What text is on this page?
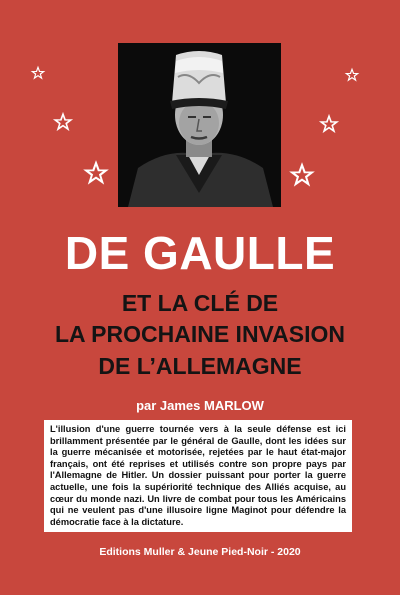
DE GAULLE
ET LA CLÉ DE
LA PROCHAINE INVASION
DE L’ALLEMAGNE
par James MARLOW
L'illusion d'une guerre tournée vers à la seule défense est ici brillamment présentée par le général de Gaulle, dont les idées sur la guerre mécanisée et motorisée, rejetées par le haut état-major français, ont été reprises et utilisés contre son propre pays par l'Allemagne de Hitler. Un dossier puissant pour porter la guerre actuelle, une fois la supériorité technique des Alliés acquise, au cœur du monde nazi. Un livre de combat pour tous les Américains qui ne veulent pas d'une illusoire ligne Maginot pour défendre la démocratie face à la dictature.
Editions Muller & Jeune Pied-Noir - 2020
